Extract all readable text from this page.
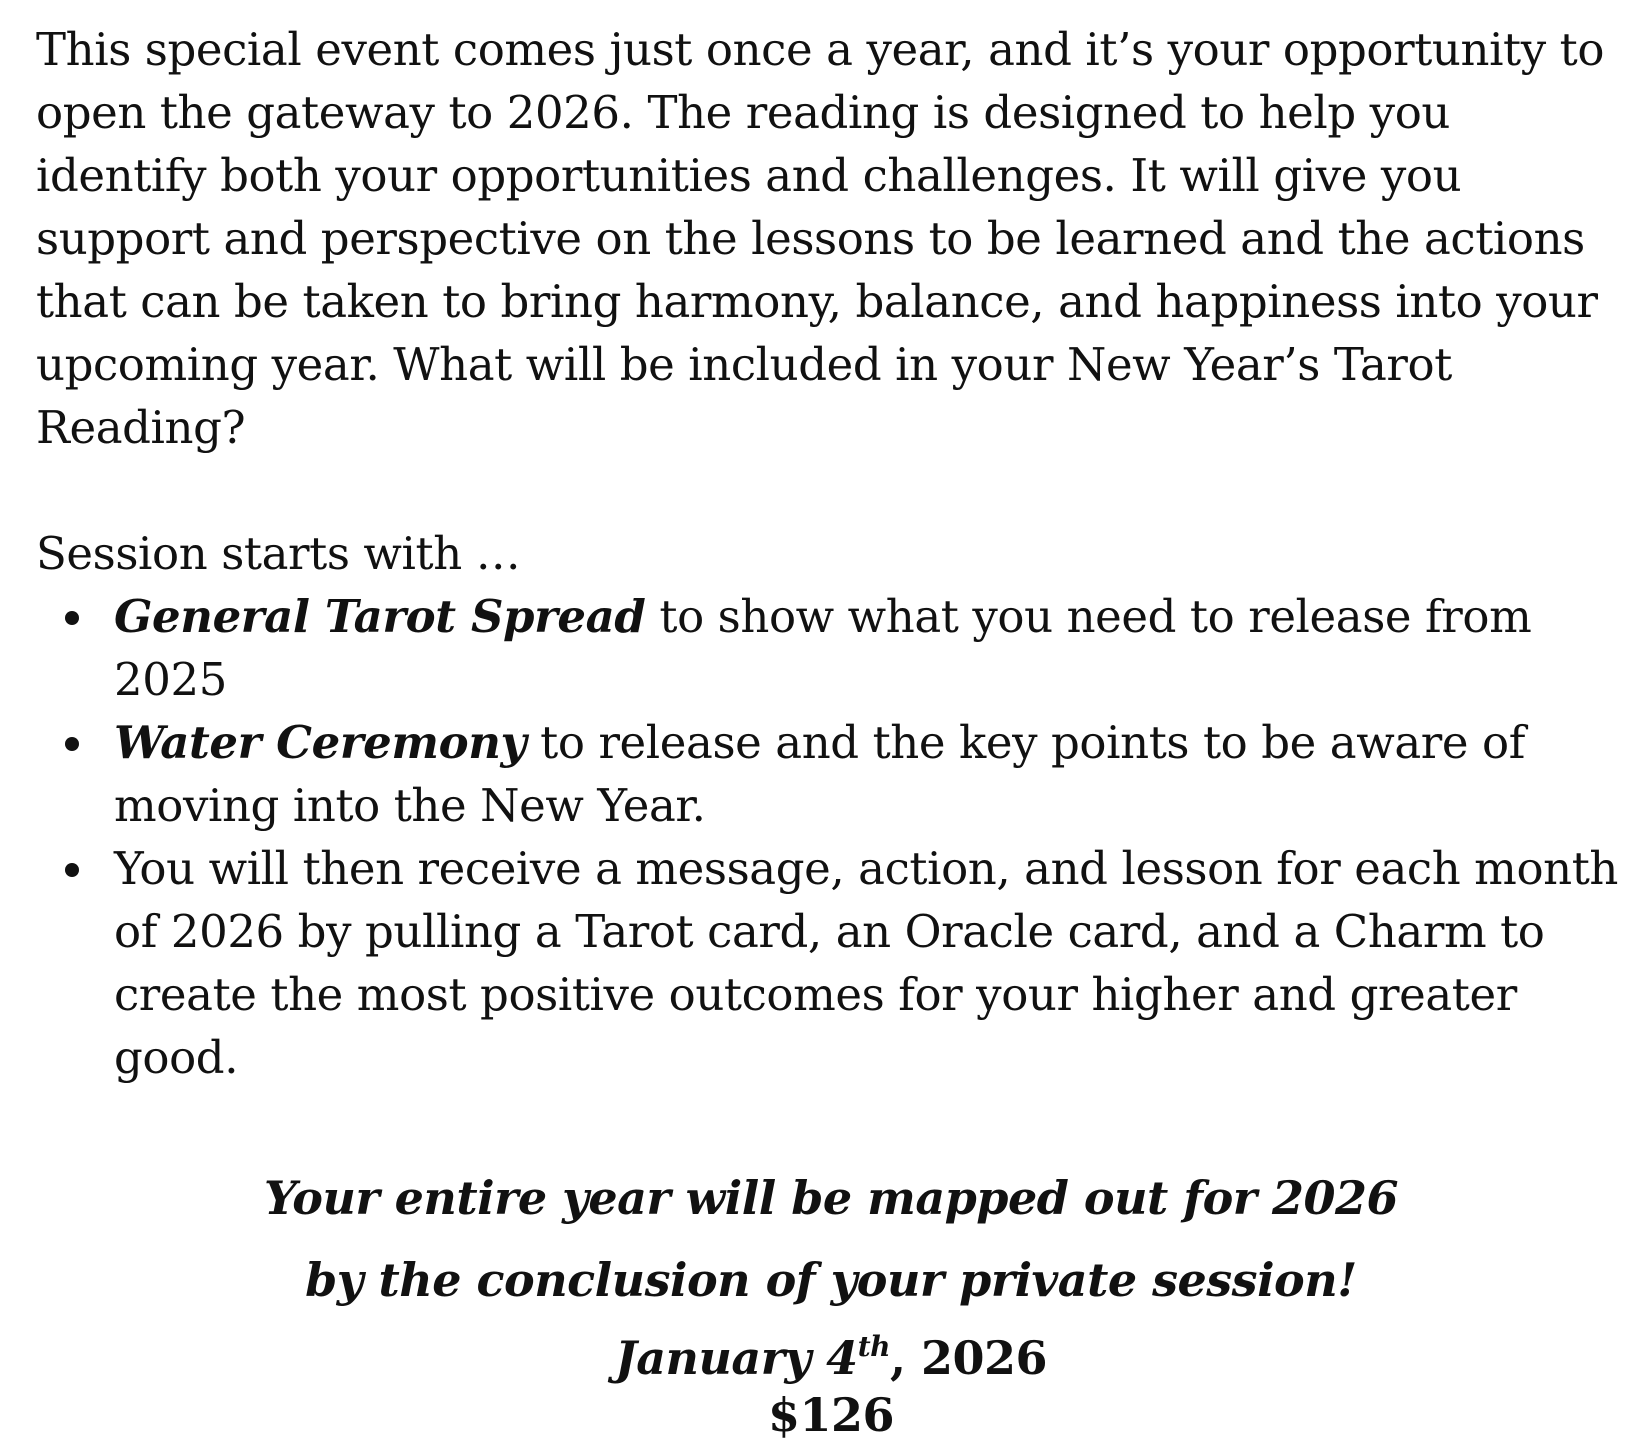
This special event comes just once a year, and it’s your opportunity to open the gateway to 2026. The reading is designed to help you identify both your opportunities and challenges. It will give you support and perspective on the lessons to be learned and the actions that can be taken to bring harmony, balance, and happiness into your upcoming year. What will be included in your New Year’s Tarot Reading?

Session starts with …

General Tarot Spread to show what you need to release from 2025
Water Ceremony to release and the key points to be aware of moving into the New Year.
You will then receive a message, action, and lesson for each month of 2026 by pulling a Tarot card, an Oracle card, and a Charm to create the most positive outcomes for your higher and greater good.
Your entire year will be mapped out for 2026
by the conclusion of your private session!
January 4th, 2026
$126
